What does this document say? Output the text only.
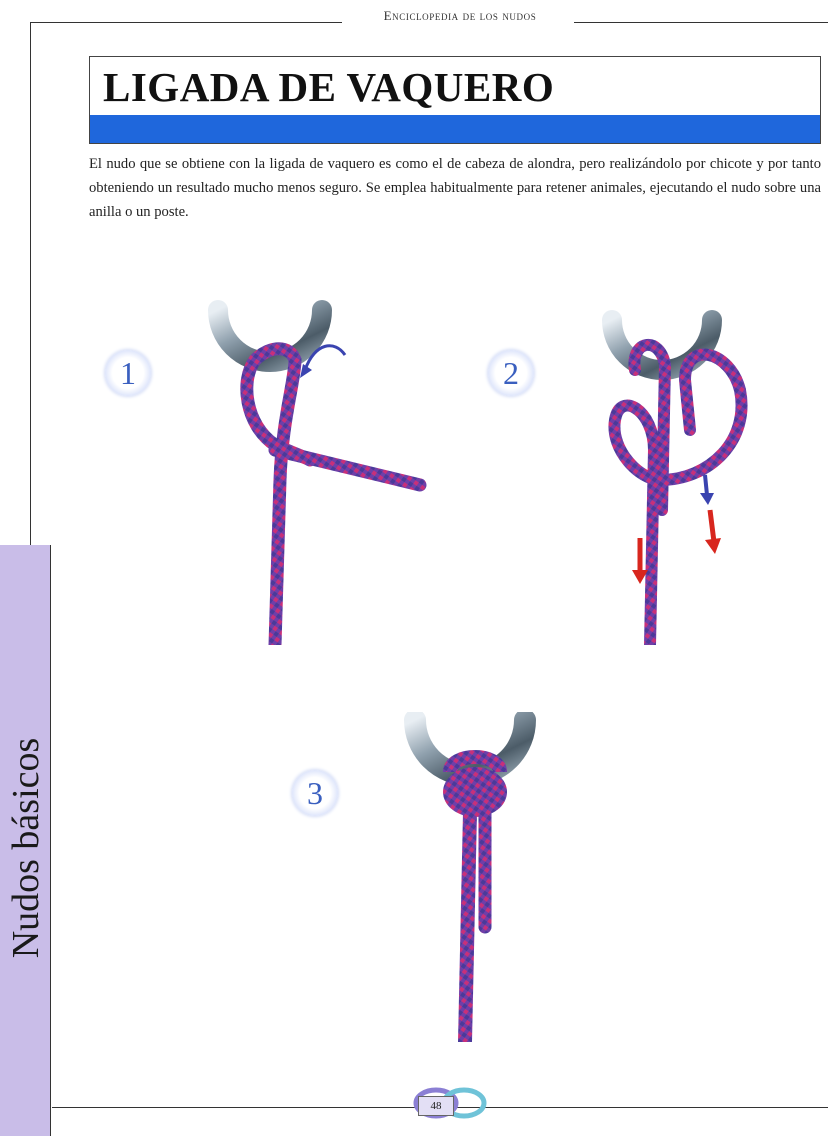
Enciclopedia de los nudos
LIGADA DE VAQUERO
El nudo que se obtiene con la ligada de vaquero es como el de cabeza de alondra, pero realizándolo por chicote y por tanto obteniendo un resultado mucho menos seguro. Se emplea habitualmente para retener animales, ejecutando el nudo sobre una anilla o un poste.
Nudos básicos
1	2
3
48
